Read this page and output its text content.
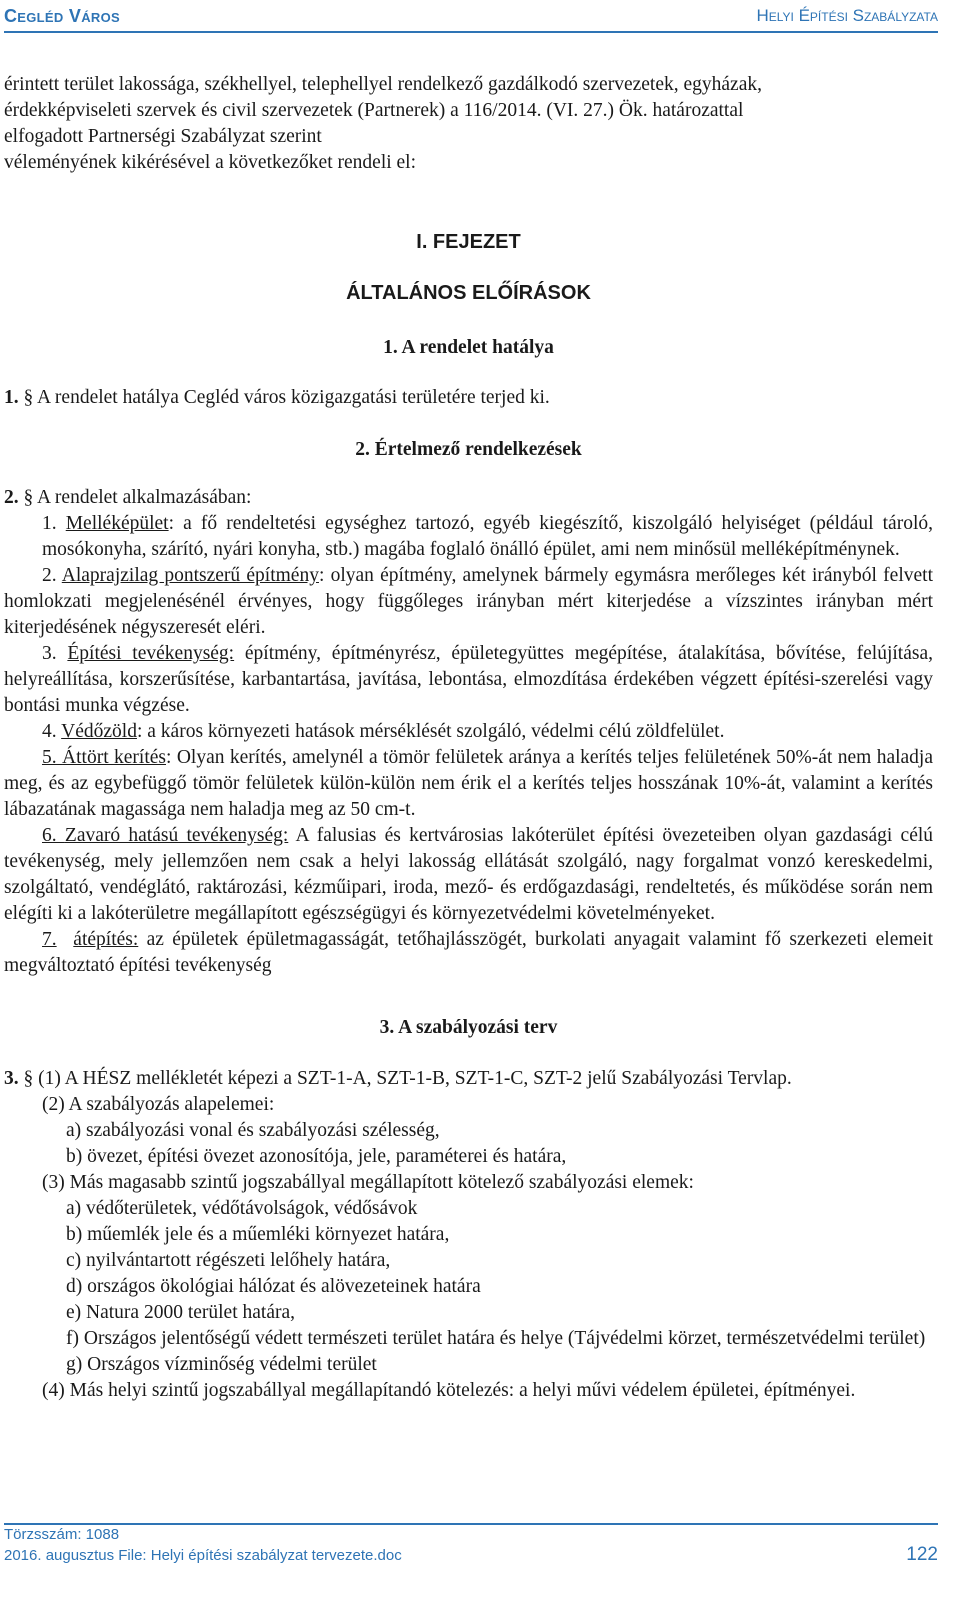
Cegléd Város	Helyi Építési Szabályzata

érintett terület lakossága, székhellyel, telephellyel rendelkező gazdálkodó szervezetek, egyházak,

érdekképviseleti szervek és civil szervezetek (Partnerek) a 116/2014. (VI. 27.) Ök. határozattal

elfogadott Partnerségi Szabályzat szerint

véleményének kikérésével a következőket rendeli el:

I. FEJEZET

ÁLTALÁNOS ELŐÍRÁSOK

1. A rendelet hatálya

1. § A rendelet hatálya Cegléd város közigazgatási területére terjed ki.

2. Értelmező rendelkezések

2. § A rendelet alkalmazásában:

1. Melléképület: a fő rendeltetési egységhez tartozó, egyéb kiegészítő, kiszolgáló helyiséget (például tároló, mosókonyha, szárító, nyári konyha, stb.) magába foglaló önálló épület, ami nem minősül melléképítménynek.

2. Alaprajzilag pontszerű építmény: olyan építmény, amelynek bármely egymásra merőleges két irányból felvett homlokzati megjelenésénél érvényes, hogy függőleges irányban mért kiterjedése a vízszintes irányban mért kiterjedésének négyszeresét eléri.

3. Építési tevékenység: építmény, építményrész, épületegyüttes megépítése, átalakítása, bővítése, felújítása, helyreállítása, korszerűsítése, karbantartása, javítása, lebontása, elmozdítása érdekében végzett építési-szerelési vagy bontási munka végzése.

4. Védőzöld: a káros környezeti hatások mérséklését szolgáló, védelmi célú zöldfelület.

5. Áttört kerítés: Olyan kerítés, amelynél a tömör felületek aránya a kerítés teljes felületének 50%-át nem haladja meg, és az egybefüggő tömör felületek külön-külön nem érik el a kerítés teljes hosszának 10%-át, valamint a kerítés lábazatának magassága nem haladja meg az 50 cm-t.

6. Zavaró hatású tevékenység: A falusias és kertvárosias lakóterület építési övezeteiben olyan gazdasági célú tevékenység, mely jellemzően nem csak a helyi lakosság ellátását szolgáló, nagy forgalmat vonzó kereskedelmi, szolgáltató, vendéglátó, raktározási, kézműipari, iroda, mező- és erdőgazdasági, rendeltetés, és működése során nem elégíti ki a lakóterületre megállapított egészségügyi és környezetvédelmi követelményeket.

7. átépítés: az épületek épületmagasságát, tetőhajlásszögét, burkolati anyagait valamint fő szerkezeti elemeit megváltoztató építési tevékenység

3. A szabályozási terv

3. § (1) A HÉSZ mellékletét képezi a SZT-1-A, SZT-1-B, SZT-1-C, SZT-2 jelű Szabályozási Tervlap.

(2) A szabályozás alapelemei:

a) szabályozási vonal és szabályozási szélesség,

b) övezet, építési övezet azonosítója, jele, paraméterei és határa,

(3) Más magasabb szintű jogszabállyal megállapított kötelező szabályozási elemek:

a) védőterületek, védőtávolságok, védősávok

b) műemlék jele és a műemléki környezet határa,

c) nyilvántartott régészeti lelőhely határa,

d) országos ökológiai hálózat és alövezeteinek határa

e) Natura 2000 terület határa,

f) Országos jelentőségű védett természeti terület határa és helye (Tájvédelmi körzet, természetvédelmi terület)

g) Országos vízminőség védelmi terület

(4) Más helyi szintű jogszabállyal megállapítandó kötelezés: a helyi művi védelem épületei, építményei.

Törzsszám: 1088
2016. augusztus File: Helyi építési szabályzat tervezete.doc	122
